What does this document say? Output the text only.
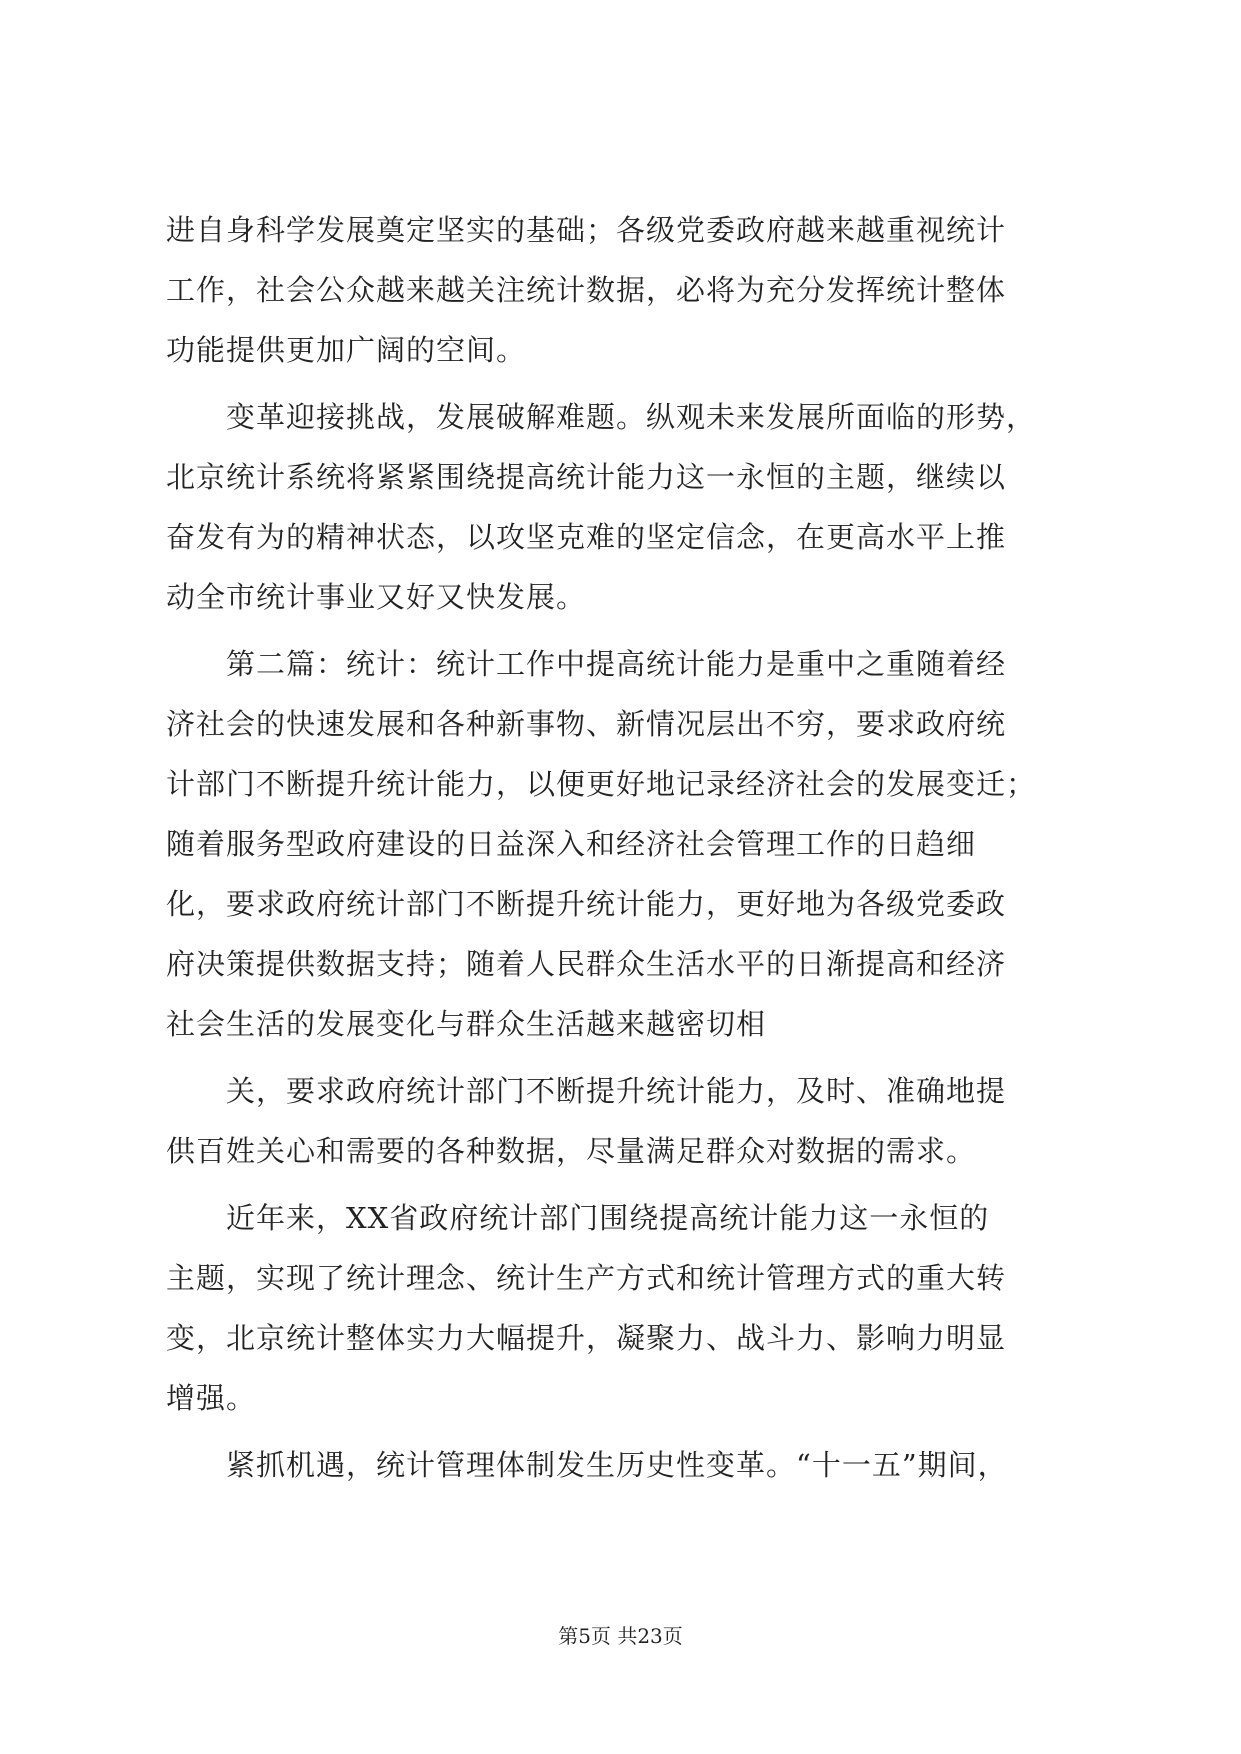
进自身科学发展奠定坚实的基础；各级党委政府越来越重视统计
工作，社会公众越来越关注统计数据，必将为充分发挥统计整体
功能提供更加广阔的空间。
　　变革迎接挑战，发展破解难题。纵观未来发展所面临的形势，
北京统计系统将紧紧围绕提高统计能力这一永恒的主题，继续以
奋发有为的精神状态，以攻坚克难的坚定信念，在更高水平上推
动全市统计事业又好又快发展。
　　第二篇：统计：统计工作中提高统计能力是重中之重随着经
济社会的快速发展和各种新事物、新情况层出不穷，要求政府统
计部门不断提升统计能力，以便更好地记录经济社会的发展变迁；
随着服务型政府建设的日益深入和经济社会管理工作的日趋细
化，要求政府统计部门不断提升统计能力，更好地为各级党委政
府决策提供数据支持；随着人民群众生活水平的日渐提高和经济
社会生活的发展变化与群众生活越来越密切相
　　关，要求政府统计部门不断提升统计能力，及时、准确地提
供百姓关心和需要的各种数据，尽量满足群众对数据的需求。
　　近年来，XX省政府统计部门围绕提高统计能力这一永恒的
主题，实现了统计理念、统计生产方式和统计管理方式的重大转
变，北京统计整体实力大幅提升，凝聚力、战斗力、影响力明显
增强。
　　紧抓机遇，统计管理体制发生历史性变革。“十一五”期间，
第5页 共23页
